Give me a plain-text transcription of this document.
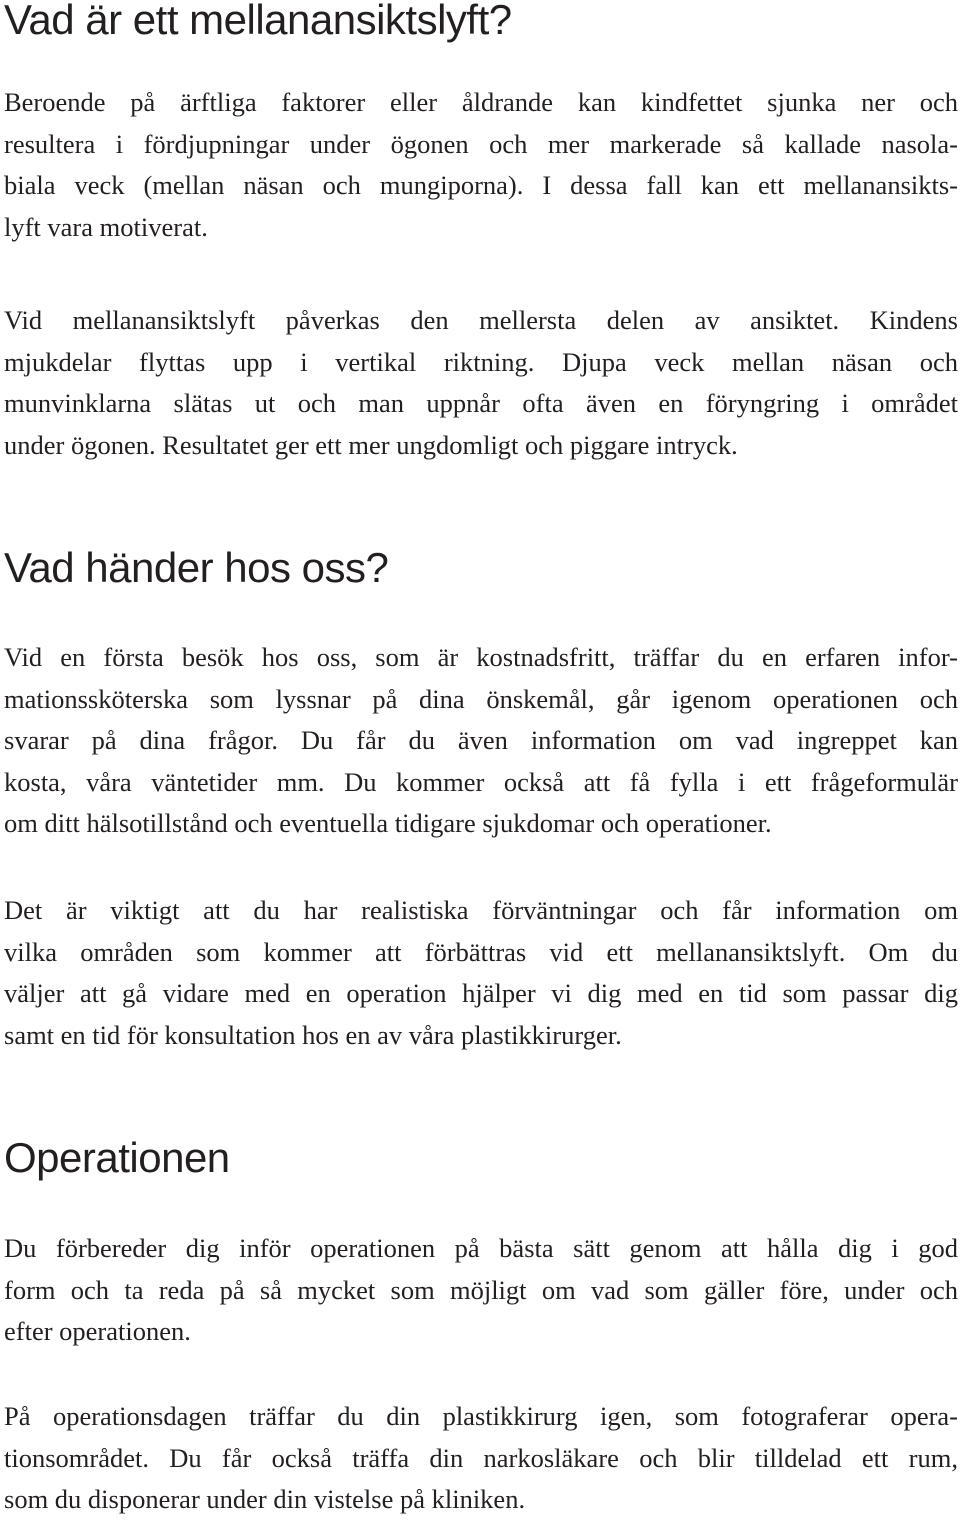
Vad är ett mellanansiktslyft?

Beroende på ärftliga faktorer eller åldrande kan kindfettet sjunka ner och
resultera i fördjupningar under ögonen och mer markerade så kallade nasola-
biala veck (mellan näsan och mungiporna). I dessa fall kan ett mellanansikts-
lyft vara motiverat.

Vid mellanansiktslyft påverkas den mellersta delen av ansiktet. Kindens
mjukdelar flyttas upp i vertikal riktning. Djupa veck mellan näsan och
munvinklarna slätas ut och man uppnår ofta även en föryngring i området
under ögonen. Resultatet ger ett mer ungdomligt och piggare intryck.

Vad händer hos oss?

Vid en första besök hos oss, som är kostnadsfritt, träffar du en erfaren infor-
mationssköterska som lyssnar på dina önskemål, går igenom operationen och
svarar på dina frågor. Du får du även information om vad ingreppet kan
kosta, våra väntetider mm. Du kommer också att få fylla i ett frågeformulär
om ditt hälsotillstånd och eventuella tidigare sjukdomar och operationer.

Det är viktigt att du har realistiska förväntningar och får information om
vilka områden som kommer att förbättras vid ett mellanansiktslyft. Om du
väljer att gå vidare med en operation hjälper vi dig med en tid som passar dig
samt en tid för konsultation hos en av våra plastikkirurger.

Operationen

Du förbereder dig inför operationen på bästa sätt genom att hålla dig i god
form och ta reda på så mycket som möjligt om vad som gäller före, under och
efter operationen.

På operationsdagen träffar du din plastikkirurg igen, som fotograferar opera-
tionsområdet. Du får också träffa din narkosläkare och blir tilldelad ett rum,
som du disponerar under din vistelse på kliniken.
